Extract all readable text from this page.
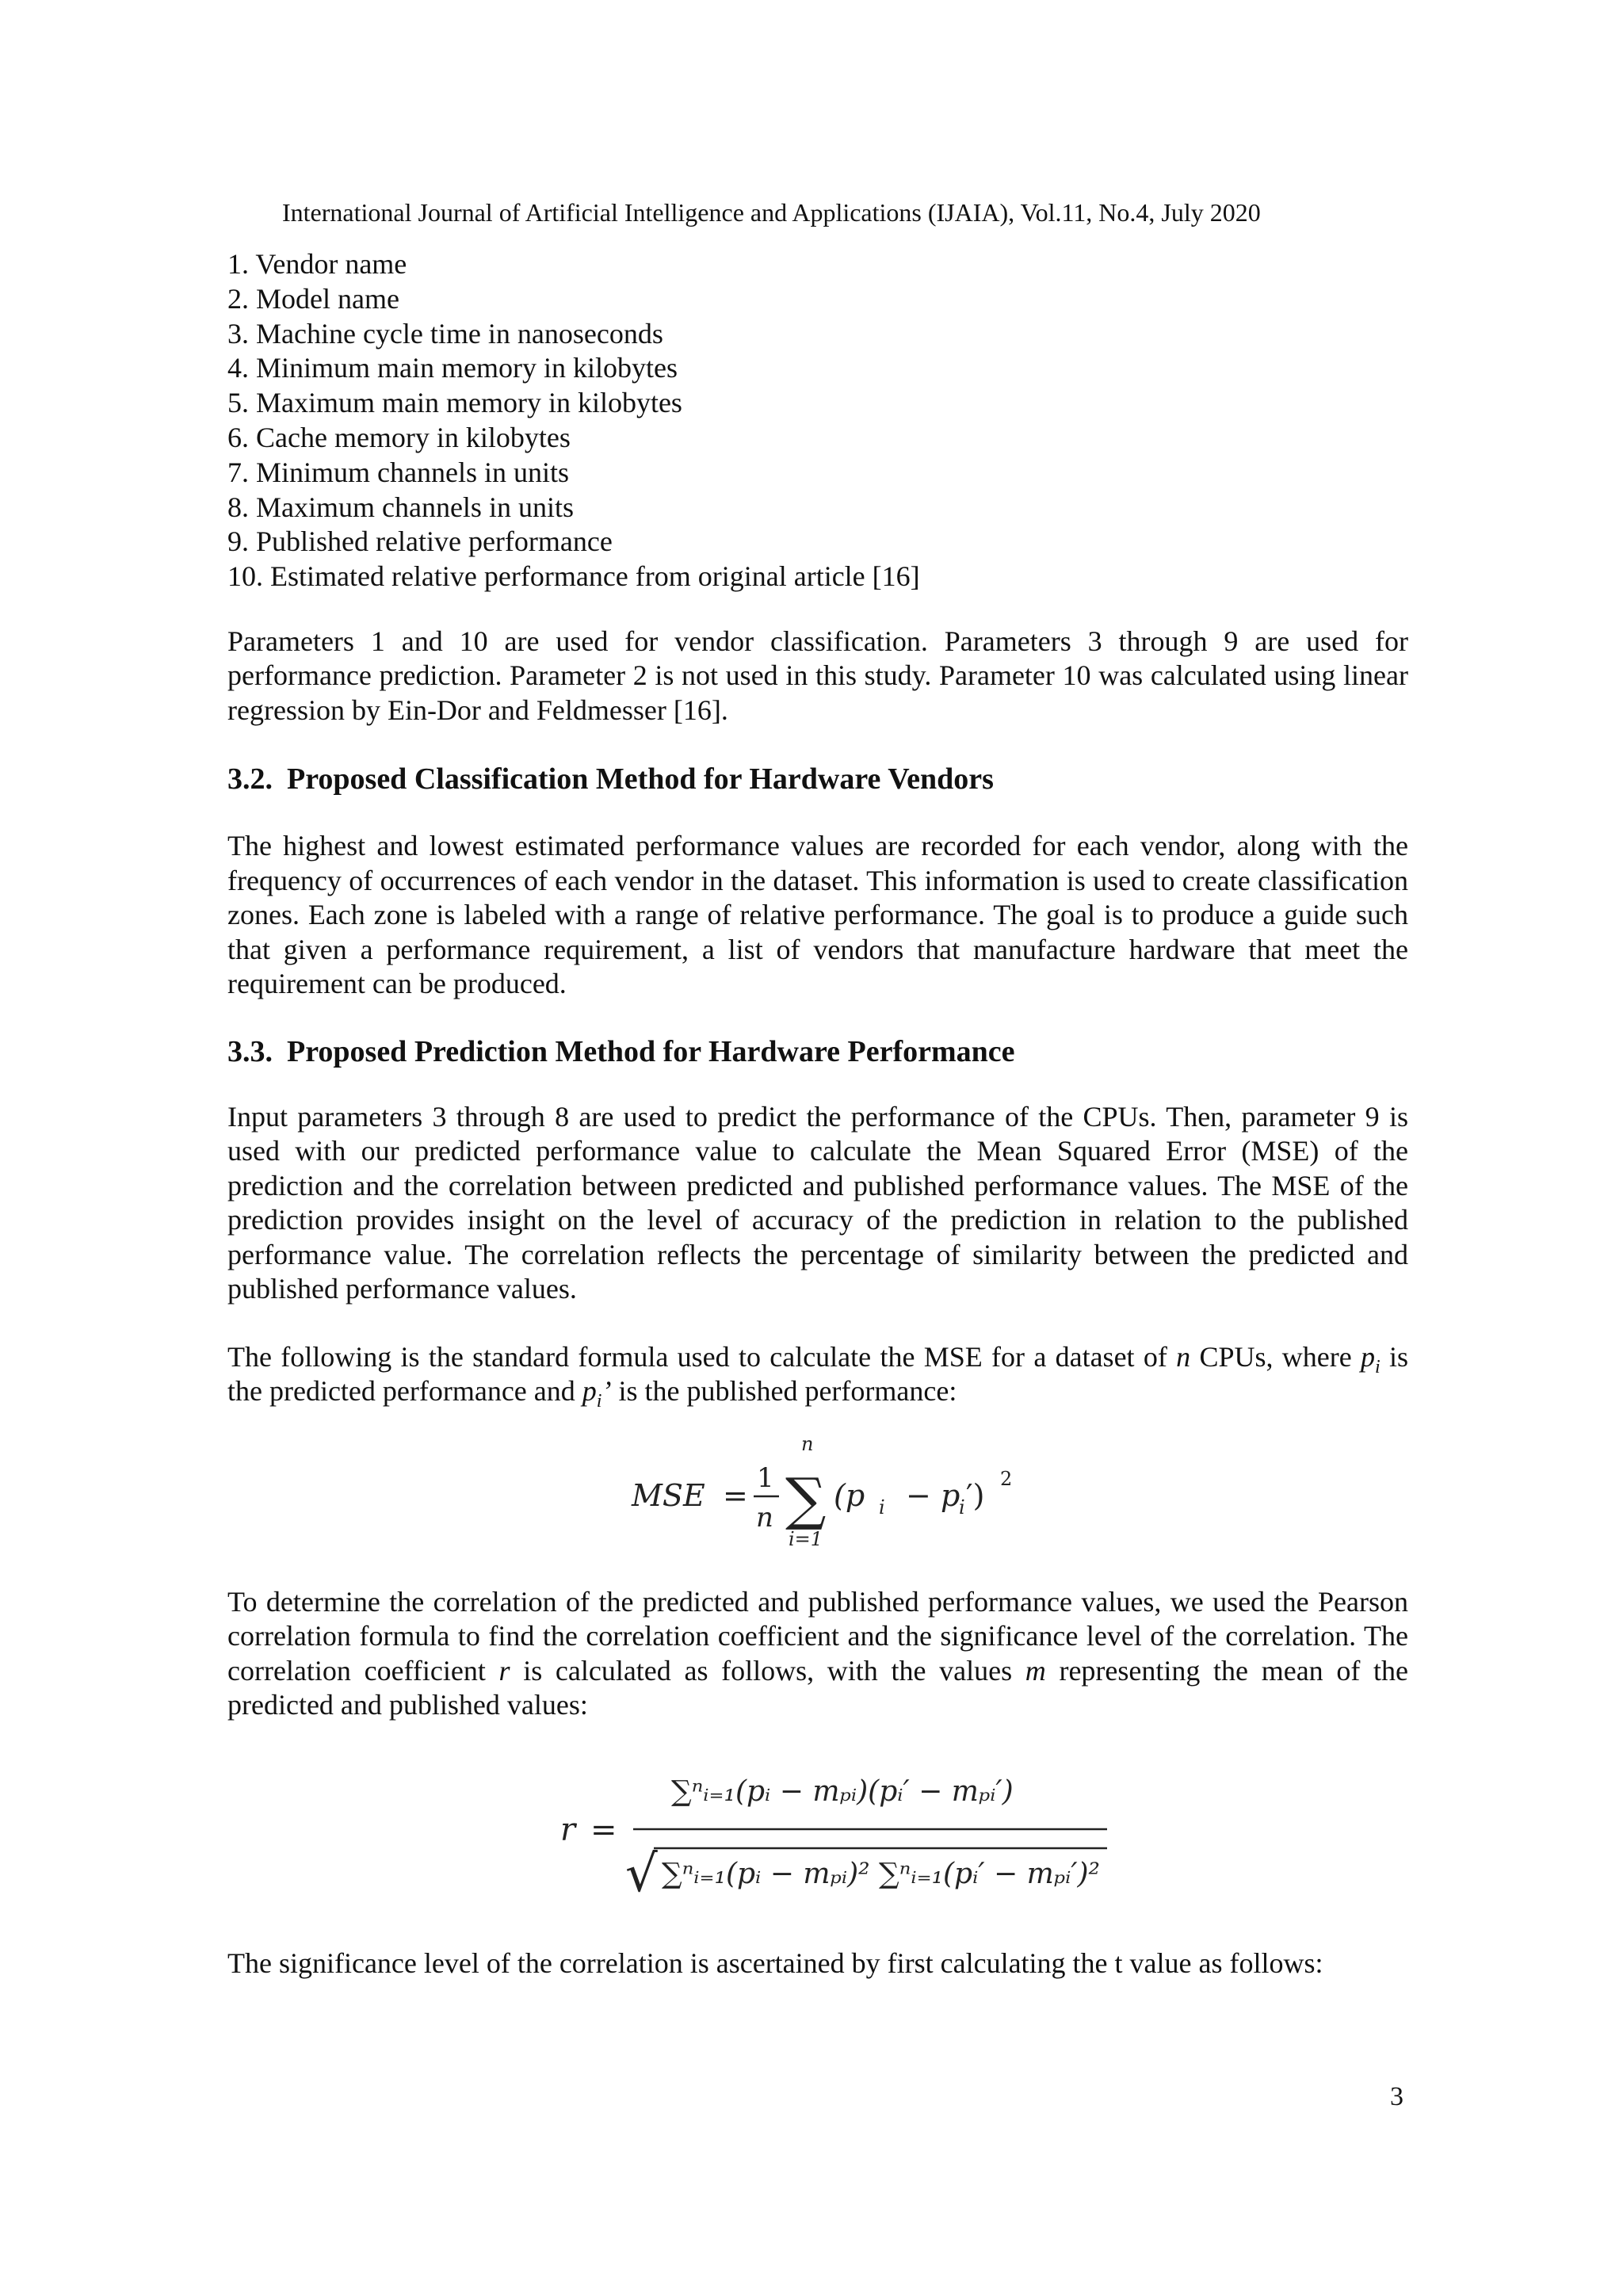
International Journal of Artificial Intelligence and Applications (IJAIA), Vol.11, No.4, July 2020
1. Vendor name
2. Model name
3. Machine cycle time in nanoseconds
4. Minimum main memory in kilobytes
5. Maximum main memory in kilobytes
6. Cache memory in kilobytes
7. Minimum channels in units
8. Maximum channels in units
9. Published relative performance
10. Estimated relative performance from original article [16]

Parameters 1 and 10 are used for vendor classification. Parameters 3 through 9 are used for performance prediction. Parameter 2 is not used in this study. Parameter 10 was calculated using linear regression by Ein-Dor and Feldmesser [16].

3.2. Proposed Classification Method for Hardware Vendors

The highest and lowest estimated performance values are recorded for each vendor, along with the frequency of occurrences of each vendor in the dataset. This information is used to create classification zones. Each zone is labeled with a range of relative performance. The goal is to produce a guide such that given a performance requirement, a list of vendors that manufacture hardware that meet the requirement can be produced.

3.3. Proposed Prediction Method for Hardware Performance

Input parameters 3 through 8 are used to predict the performance of the CPUs. Then, parameter 9 is used with our predicted performance value to calculate the Mean Squared Error (MSE) of the prediction and the correlation between predicted and published performance values. The MSE of the prediction provides insight on the level of accuracy of the prediction in relation to the published performance value. The correlation reflects the percentage of similarity between the predicted and published performance values.

The following is the standard formula used to calculate the MSE for a dataset of n CPUs, where $p_i$ is the predicted performance and $p_i$’ is the published performance:

MSE = 1
n
n
∑
i=1
(p i − p
i ′) 2

To determine the correlation of the predicted and published performance values, we used the Pearson correlation formula to find the correlation coefficient and the significance level of the correlation. The correlation coefficient r is calculated as follows, with the values m representing the mean of the predicted and published values:

r =
∑ⁿᵢ₌₁(pᵢ − mₚᵢ)(pᵢ′ − mₚᵢ′)
√ ∑ⁿᵢ₌₁(pᵢ − mₚᵢ)² ∑ⁿᵢ₌₁(pᵢ′ − mₚᵢ′)²

The significance level of the correlation is ascertained by first calculating the t value as follows:

3
